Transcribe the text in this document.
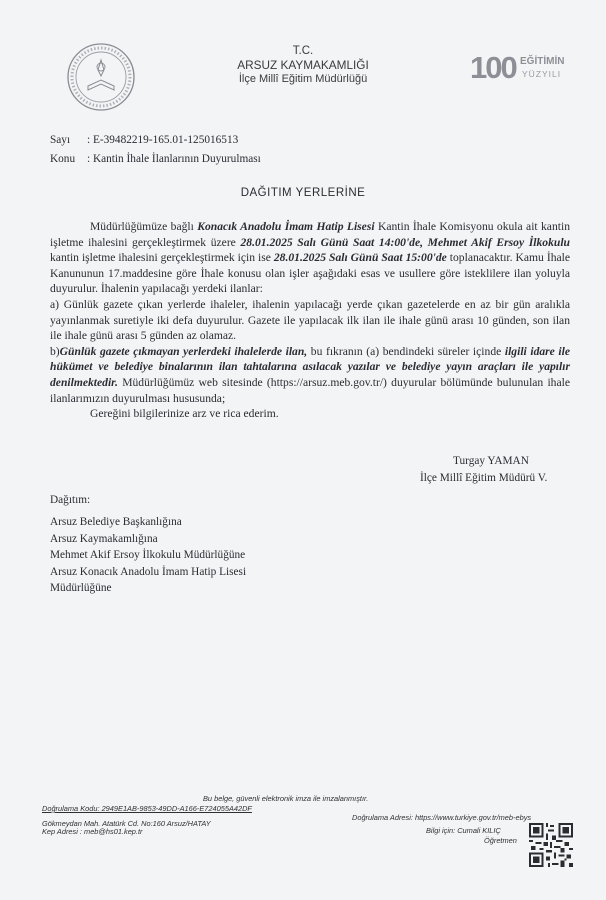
T.C.
ARSUZ KAYMAKAMLIĞI
İlçe Millî Eğitim Müdürlüğü	100 EĞİTİMİN
YÜZYILI
Sayı : E-39482219-165.01-125016513
Konu : Kantin İhale İlanlarının Duyurulması
DAĞITIM YERLERİNE

Müdürlüğümüze bağlı Konacık Anadolu İmam Hatip Lisesi Kantin İhale Komisyonu okula ait kantin işletme ihalesini gerçekleştirmek üzere 28.01.2025 Salı Günü Saat 14:00'de, Mehmet Akif Ersoy İlkokulu kantin işletme ihalesini gerçekleştirmek için ise 28.01.2025 Salı Günü Saat 15:00'de toplanacaktır. Kamu İhale Kanununun 17.maddesine göre İhale konusu olan işler aşağıdaki esas ve usullere göre isteklilere ilan yoluyla duyurulur. İhalenin yapılacağı yerdeki ilanlar:

a) Günlük gazete çıkan yerlerde ihaleler, ihalenin yapılacağı yerde çıkan gazetelerde en az bir gün aralıkla yayınlanmak suretiyle iki defa duyurulur. Gazete ile yapılacak ilk ilan ile ihale günü arası 10 günden, son ilan ile ihale günü arası 5 günden az olamaz.

b)Günlük gazete çıkmayan yerlerdeki ihalelerde ilan, bu fıkranın (a) bendindeki süreler içinde ilgili idare ile hükümet ve belediye binalarının ilan tahtalarına asılacak yazılar ve belediye yayın araçları ile yapılır denilmektedir. Müdürlüğümüz web sitesinde (https://arsuz.meb.gov.tr/) duyurular bölümünde bulunulan ihale ilanlarımızın duyurulması hususunda;

Gereğini bilgilerinize arz ve rica ederim.

Turgay YAMAN
İlçe Millî Eğitim Müdürü V.
Dağıtım:
Arsuz Belediye Başkanlığına
Arsuz Kaymakamlığına
Mehmet Akif Ersoy İlkokulu Müdürlüğüne
Arsuz Konacık Anadolu İmam Hatip Lisesi
Müdürlüğüne
Bu belge, güvenli elektronik imza ile imzalanmıştır.
Doğrulama Kodu: 2949E1AB-9853-49DD-A166-E724055A42DF
Doğrulama Adresi: https://www.turkiye.gov.tr/meb-ebys
Gökmeydan Mah. Atatürk Cd. No:160 Arsuz/HATAY
Bilgi için: Cumali KILIÇ
Kep Adresi : meb@hs01.kep.tr
Öğretmen
